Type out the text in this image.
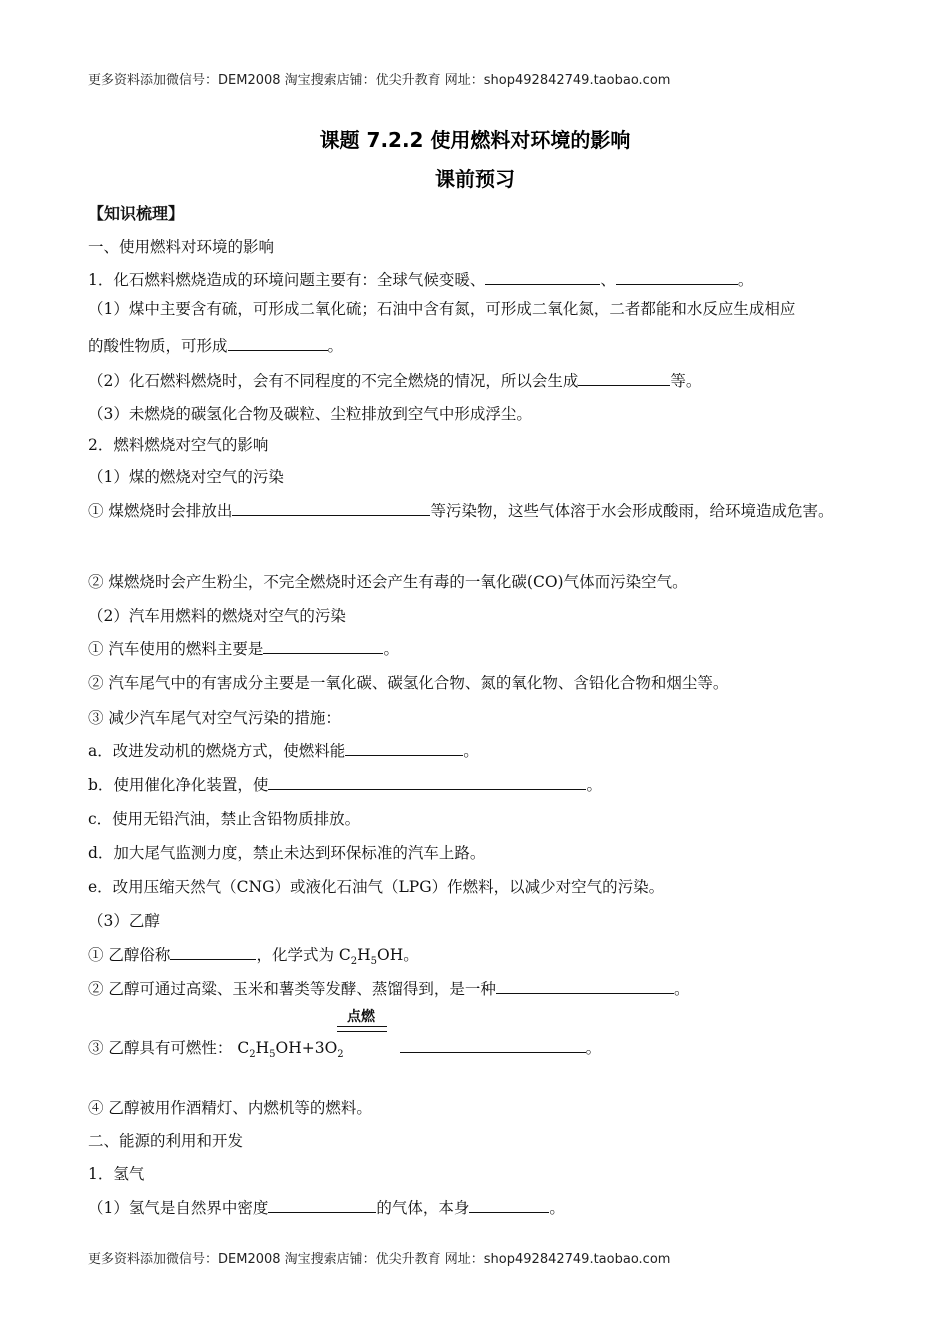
更多资料添加微信号：DEM2008 淘宝搜索店铺：优尖升教育 网址：shop492842749.taobao.com
课题 7.2.2 使用燃料对环境的影响
课前预习
【知识梳理】
一、使用燃料对环境的影响
1．化石燃料燃烧造成的环境问题主要有：全球气候变暖、	、	。
（1）煤中主要含有硫，可形成二氧化硫；石油中含有氮，可形成二氧化氮，二者都能和水反应生成相应
的酸性物质，可形成	。
（2）化石燃料燃烧时，会有不同程度的不完全燃烧的情况，所以会生成	等。
（3）未燃烧的碳氢化合物及碳粒、尘粒排放到空气中形成浮尘。
2．燃料燃烧对空气的影响
（1）煤的燃烧对空气的污染
① 煤燃烧时会排放出	等污染物，这些气体溶于水会形成酸雨，给环境造成危害。
② 煤燃烧时会产生粉尘，不完全燃烧时还会产生有毒的一氧化碳(CO)气体而污染空气。
（2）汽车用燃料的燃烧对空气的污染
① 汽车使用的燃料主要是	。
② 汽车尾气中的有害成分主要是一氧化碳、碳氢化合物、氮的氧化物、含铅化合物和烟尘等。
③ 减少汽车尾气对空气污染的措施：
a．改进发动机的燃烧方式，使燃料能	。
b．使用催化净化装置，使	。
c．使用无铅汽油，禁止含铅物质排放。
d．加大尾气监测力度，禁止未达到环保标准的汽车上路。
e．改用压缩天然气（CNG）或液化石油气（LPG）作燃料，以减少对空气的污染。
（3）乙醇
① 乙醇俗称	，化学式为 $C_2H_5OH$。
② 乙醇可通过高粱、玉米和薯类等发酵、蒸馏得到，是一种	。
点燃
③ 乙醇具有可燃性： $C_2H_5OH+3O_2$	。
④ 乙醇被用作酒精灯、内燃机等的燃料。
二、能源的利用和开发
1．氢气
（1）氢气是自然界中密度	的气体，本身	。
更多资料添加微信号：DEM2008 淘宝搜索店铺：优尖升教育 网址：shop492842749.taobao.com
